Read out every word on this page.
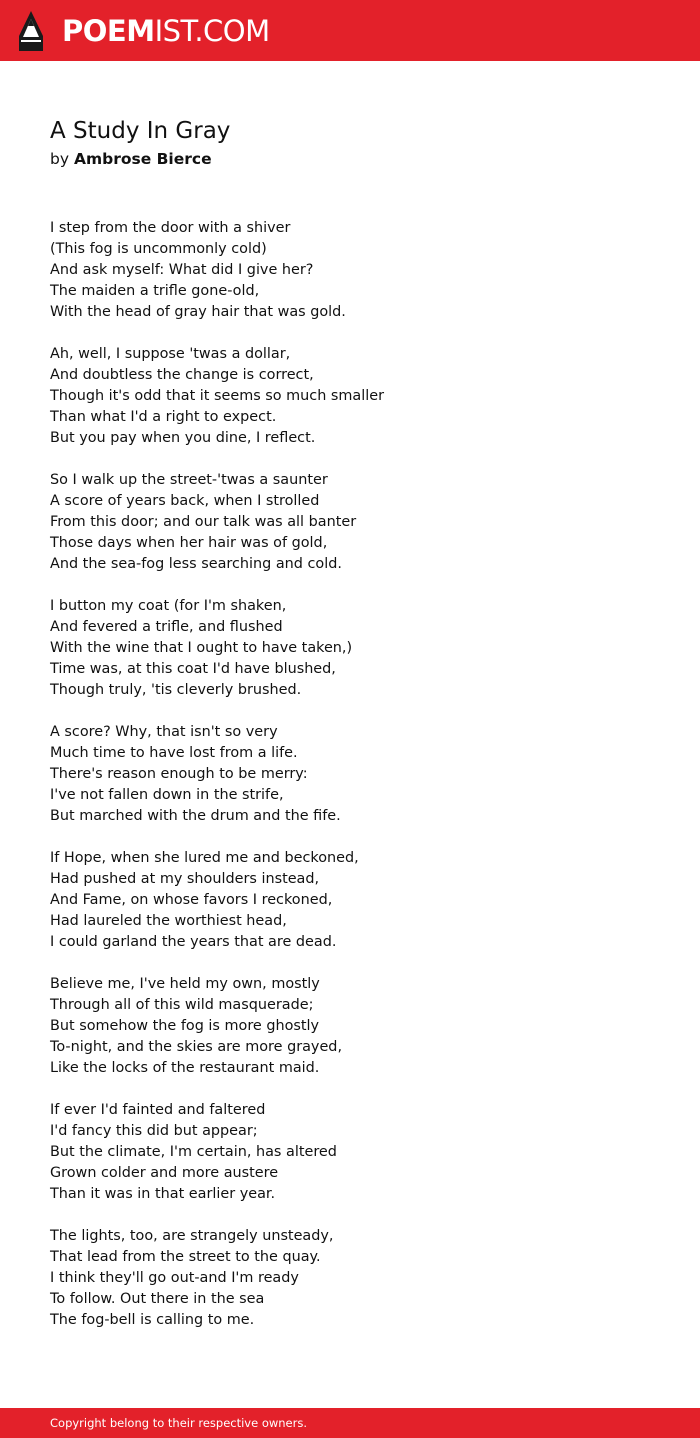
POEMIST.COM
A Study In Gray
by Ambrose Bierce
I step from the door with a shiver
(This fog is uncommonly cold)
And ask myself: What did I give her?
The maiden a trifle gone-old,
With the head of gray hair that was gold.
Ah, well, I suppose 'twas a dollar,
And doubtless the change is correct,
Though it's odd that it seems so much smaller
Than what I'd a right to expect.
But you pay when you dine, I reflect.
So I walk up the street-'twas a saunter
A score of years back, when I strolled
From this door; and our talk was all banter
Those days when her hair was of gold,
And the sea-fog less searching and cold.
I button my coat (for I'm shaken,
And fevered a trifle, and flushed
With the wine that I ought to have taken,)
Time was, at this coat I'd have blushed,
Though truly, 'tis cleverly brushed.
A score? Why, that isn't so very
Much time to have lost from a life.
There's reason enough to be merry:
I've not fallen down in the strife,
But marched with the drum and the fife.
If Hope, when she lured me and beckoned,
Had pushed at my shoulders instead,
And Fame, on whose favors I reckoned,
Had laureled the worthiest head,
I could garland the years that are dead.
Believe me, I've held my own, mostly
Through all of this wild masquerade;
But somehow the fog is more ghostly
To-night, and the skies are more grayed,
Like the locks of the restaurant maid.
If ever I'd fainted and faltered
I'd fancy this did but appear;
But the climate, I'm certain, has altered
Grown colder and more austere
Than it was in that earlier year.
The lights, too, are strangely unsteady,
That lead from the street to the quay.
I think they'll go out-and I'm ready
To follow. Out there in the sea
The fog-bell is calling to me.
Copyright belong to their respective owners.
